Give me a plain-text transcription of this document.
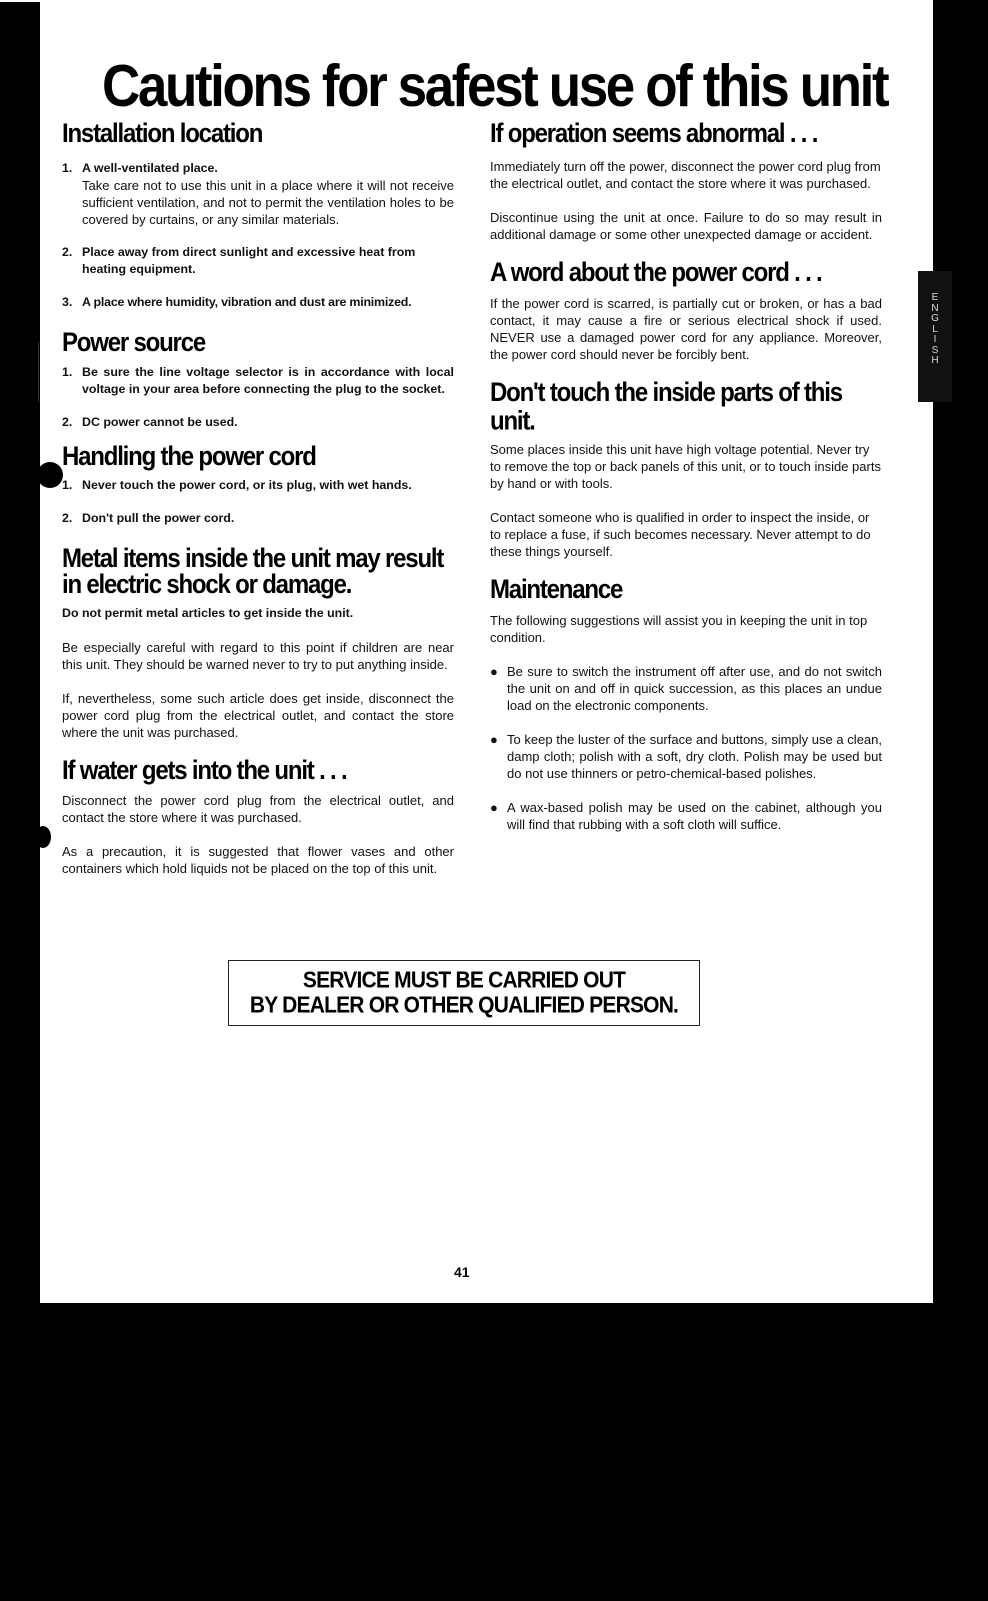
Cautions for safest use of this unit
E
N
G
L
I
S
H
Installation location
1. A well-ventilated place.
Take care not to use this unit in a place where it will not receive sufficient ventilation, and not to permit the ventilation holes to be covered by curtains, or any similar materials.
2. Place away from direct sunlight and excessive heat from heating equipment.
3. A place where humidity, vibration and dust are minimized.
Power source
1. Be sure the line voltage selector is in accordance with local voltage in your area before connecting the plug to the socket.
2. DC power cannot be used.
Handling the power cord
1. Never touch the power cord, or its plug, with wet hands.
2. Don't pull the power cord.
Metal items inside the unit may result
in electric shock or damage.

Do not permit metal articles to get inside the unit.

Be especially careful with regard to this point if children are near this unit. They should be warned never to try to put anything inside.

If, nevertheless, some such article does get inside, disconnect the power cord plug from the electrical outlet, and contact the store where the unit was purchased.

If water gets into the unit . . .

Disconnect the power cord plug from the electrical outlet, and contact the store where it was purchased.

As a precaution, it is suggested that flower vases and other containers which hold liquids not be placed on the top of this unit.

If operation seems abnormal . . .

Immediately turn off the power, disconnect the power cord plug from the electrical outlet, and contact the store where it was purchased.

Discontinue using the unit at once. Failure to do so may result in additional damage or some other unexpected damage or accident.

A word about the power cord . . .

If the power cord is scarred, is partially cut or broken, or has a bad contact, it may cause a fire or serious electrical shock if used. NEVER use a damaged power cord for any appliance. Moreover, the power cord should never be forcibly bent.

Don't touch the inside parts of this unit.

Some places inside this unit have high voltage potential. Never try to remove the top or back panels of this unit, or to touch inside parts by hand or with tools.

Contact someone who is qualified in order to inspect the inside, or to replace a fuse, if such becomes necessary. Never attempt to do these things yourself.

Maintenance

The following suggestions will assist you in keeping the unit in top condition.

● Be sure to switch the instrument off after use, and do not switch the unit on and off in quick succession, as this places an undue load on the electronic components.
● To keep the luster of the surface and buttons, simply use a clean, damp cloth; polish with a soft, dry cloth. Polish may be used but do not use thinners or petro-chemical-based polishes.
● A wax-based polish may be used on the cabinet, although you will find that rubbing with a soft cloth will suffice.
SERVICE MUST BE CARRIED OUT
BY DEALER OR OTHER QUALIFIED PERSON.
41
